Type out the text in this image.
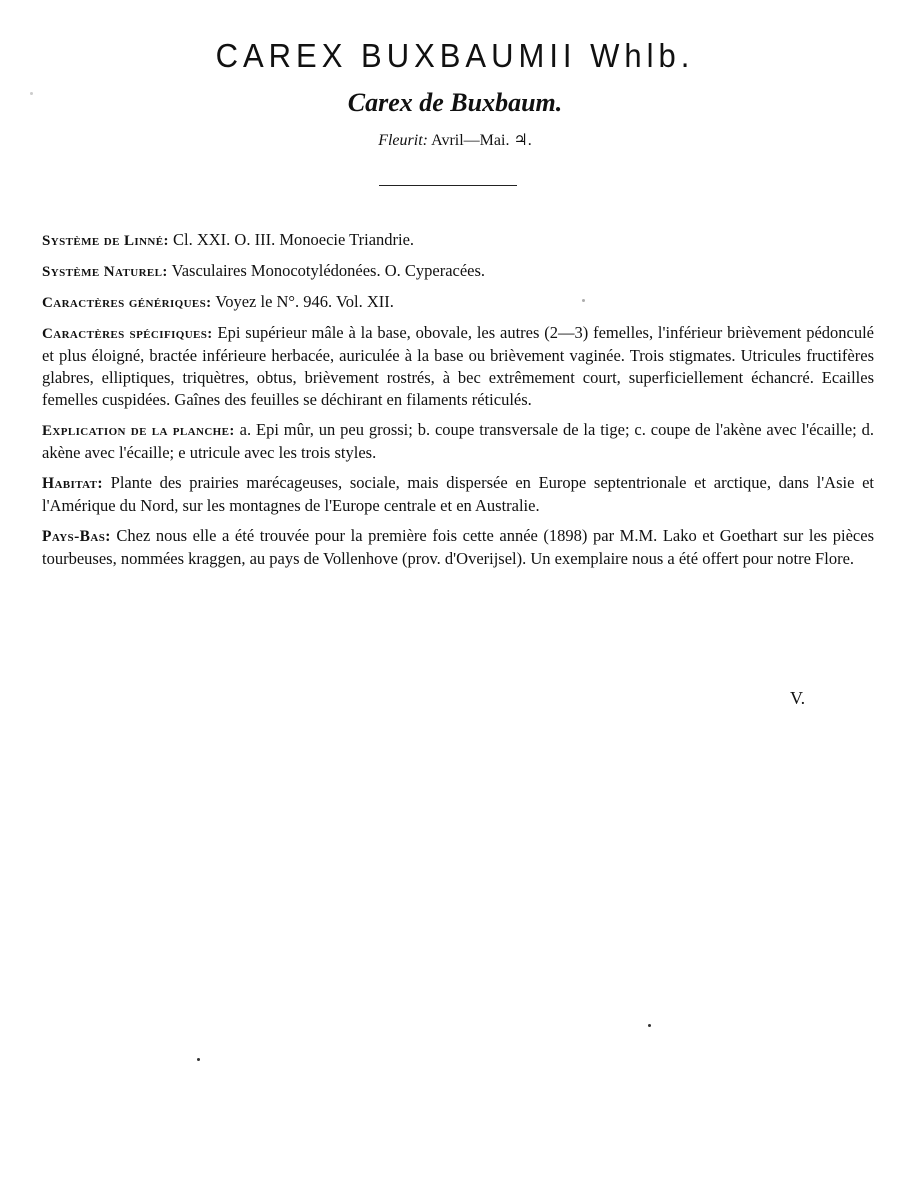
CAREX BUXBAUMII Whlb.
Carex de Buxbaum.
Fleurit: Avril—Mai. ♃.

Système de Linné: Cl. XXI. O. III. Monoecie Triandrie.

Système Naturel: Vasculaires Monocotylédonées. O. Cyperacées.

Caractères génériques: Voyez le N°. 946. Vol. XII.

Caractères spécifiques: Epi supérieur mâle à la base, obovale, les autres (2—3) femelles, l'inférieur brièvement pédonculé et plus éloigné, bractée inférieure herbacée, auriculée à la base ou brièvement vaginée. Trois stigmates. Utricules fructifères glabres, elliptiques, triquètres, obtus, brièvement rostrés, à bec extrêmement court, superficiellement échancré. Ecailles femelles cuspidées. Gaînes des feuilles se déchirant en filaments réticulés.

Explication de la planche: a. Epi mûr, un peu grossi; b. coupe transversale de la tige; c. coupe de l'akène avec l'écaille; d. akène avec l'écaille; e utricule avec les trois styles.

Habitat: Plante des prairies marécageuses, sociale, mais dispersée en Europe septentrionale et arctique, dans l'Asie et l'Amérique du Nord, sur les montagnes de l'Europe centrale et en Australie.

Pays-Bas: Chez nous elle a été trouvée pour la première fois cette année (1898) par M.M. Lako et Goethart sur les pièces tourbeuses, nommées kraggen, au pays de Vollenhove (prov. d'Overijsel). Un exemplaire nous a été offert pour notre Flore.

V.
